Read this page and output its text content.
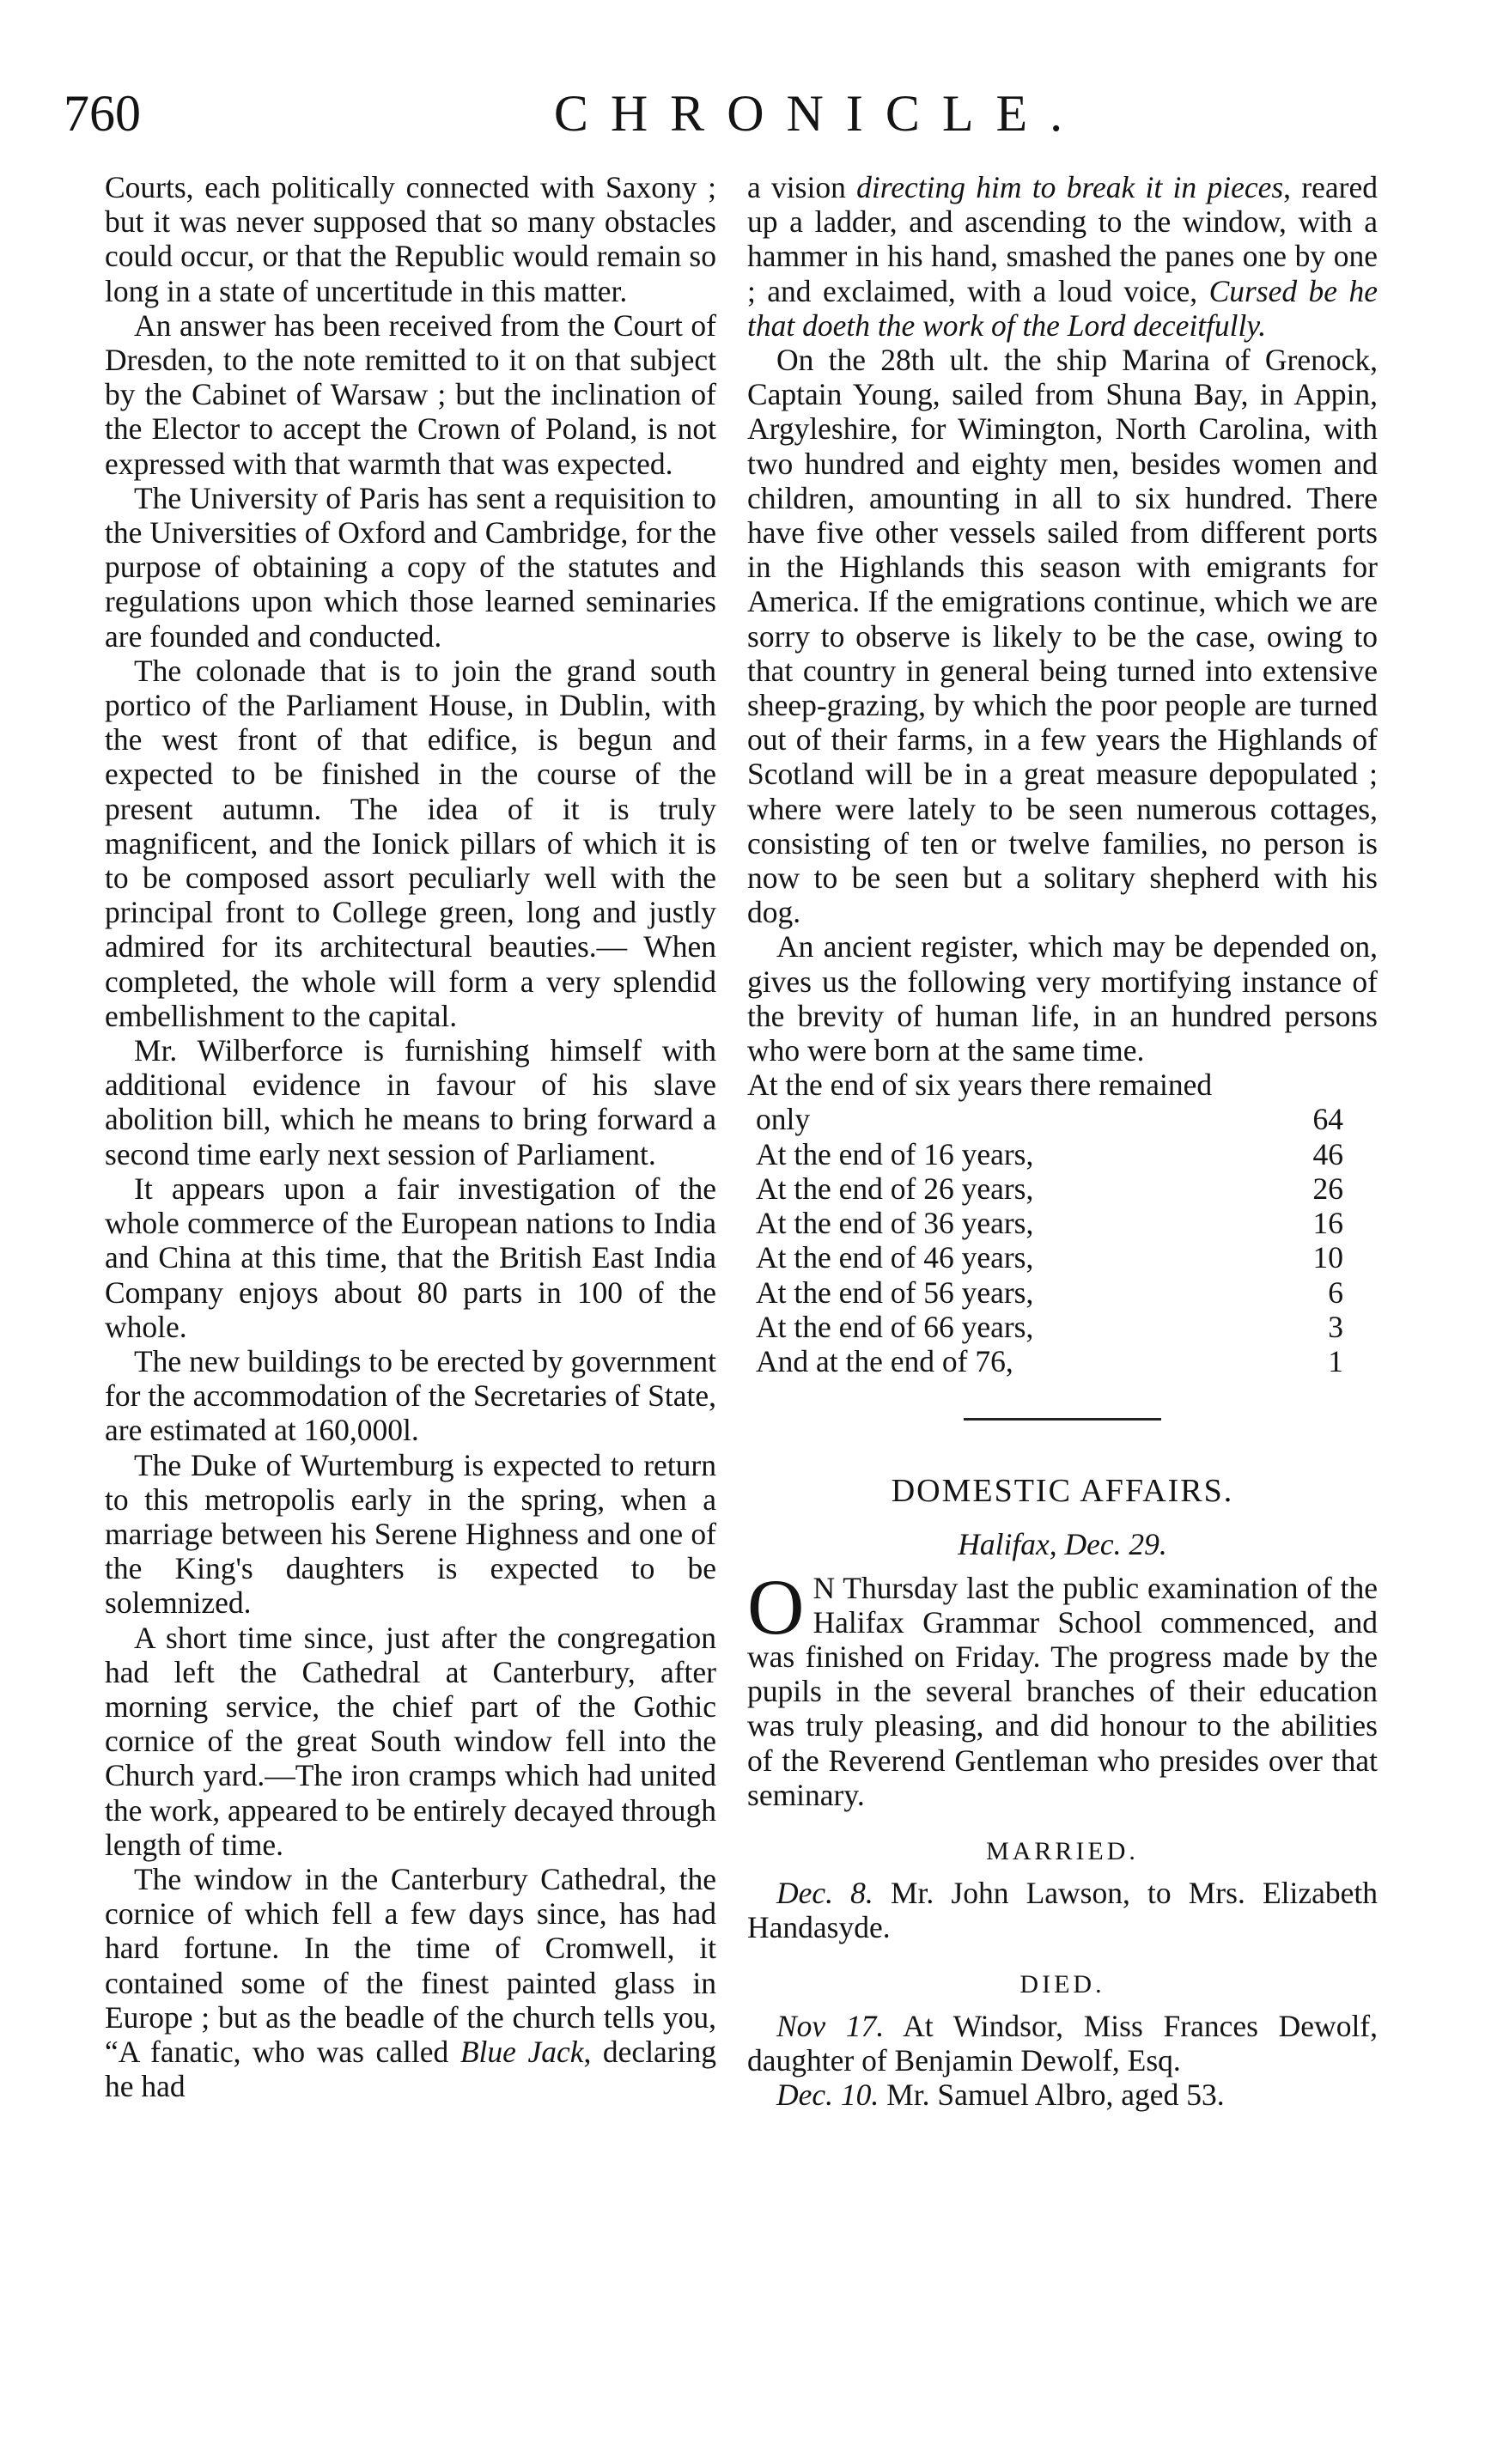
760	CHRONICLE.

Courts, each politically connected with Saxony ; but it was never supposed that so many obstacles could occur, or that the Republic would remain so long in a state of uncertitude in this matter.

An answer has been received from the Court of Dresden, to the note remitted to it on that subject by the Cabinet of Warsaw ; but the inclination of the Elector to accept the Crown of Poland, is not expressed with that warmth that was expected.

The University of Paris has sent a requisition to the Universities of Oxford and Cambridge, for the purpose of obtaining a copy of the statutes and regulations upon which those learned seminaries are founded and conducted.

The colonade that is to join the grand south portico of the Parliament House, in Dublin, with the west front of that edifice, is begun and expected to be finished in the course of the present autumn. The idea of it is truly magnificent, and the Ionick pillars of which it is to be composed assort peculiarly well with the principal front to College green, long and justly admired for its architectural beauties.— When completed, the whole will form a very splendid embellishment to the capital.

Mr. Wilberforce is furnishing himself with additional evidence in favour of his slave abolition bill, which he means to bring forward a second time early next session of Parliament.

It appears upon a fair investigation of the whole commerce of the European nations to India and China at this time, that the British East India Company enjoys about 80 parts in 100 of the whole.

The new buildings to be erected by government for the accommodation of the Secretaries of State, are estimated at 160,000l.

The Duke of Wurtemburg is expected to return to this metropolis early in the spring, when a marriage between his Serene Highness and one of the King's daughters is expected to be solemnized.

A short time since, just after the congregation had left the Cathedral at Canterbury, after morning service, the chief part of the Gothic cornice of the great South window fell into the Church yard.—The iron cramps which had united the work, appeared to be entirely decayed through length of time.

The window in the Canterbury Cathedral, the cornice of which fell a few days since, has had hard fortune. In the time of Cromwell, it contained some of the finest painted glass in Europe ; but as the beadle of the church tells you, “A fanatic, who was called Blue Jack, declaring he had

a vision directing him to break it in pieces, reared up a ladder, and ascending to the window, with a hammer in his hand, smashed the panes one by one ; and exclaimed, with a loud voice, Cursed be he that doeth the work of the Lord deceitfully.

On the 28th ult. the ship Marina of Grenock, Captain Young, sailed from Shuna Bay, in Appin, Argyleshire, for Wimington, North Carolina, with two hundred and eighty men, besides women and children, amounting in all to six hundred. There have five other vessels sailed from different ports in the Highlands this season with emigrants for America. If the emigrations continue, which we are sorry to observe is likely to be the case, owing to that country in general being turned into extensive sheep-grazing, by which the poor people are turned out of their farms, in a few years the Highlands of Scotland will be in a great measure depopulated ; where were lately to be seen numerous cottages, consisting of ten or twelve families, no person is now to be seen but a solitary shepherd with his dog.

An ancient register, which may be depended on, gives us the following very mortifying instance of the brevity of human life, in an hundred persons who were born at the same time.

At the end of six years there remained
only	64
At the end of 16 years,	46
At the end of 26 years,	26
At the end of 36 years,	16
At the end of 46 years,	10
At the end of 56 years,	6
At the end of 66 years,	3
And at the end of 76,	1
DOMESTIC AFFAIRS.
Halifax, Dec. 29.

O N Thursday last the public examination of the Halifax Grammar School commenced, and was finished on Friday. The progress made by the pupils in the several branches of their education was truly pleasing, and did honour to the abilities of the Reverend Gentleman who presides over that seminary.

MARRIED.

Dec. 8. Mr. John Lawson, to Mrs. Elizabeth Handasyde.

DIED.

Nov 17. At Windsor, Miss Frances Dewolf, daughter of Benjamin Dewolf, Esq.

Dec. 10. Mr. Samuel Albro, aged 53.
